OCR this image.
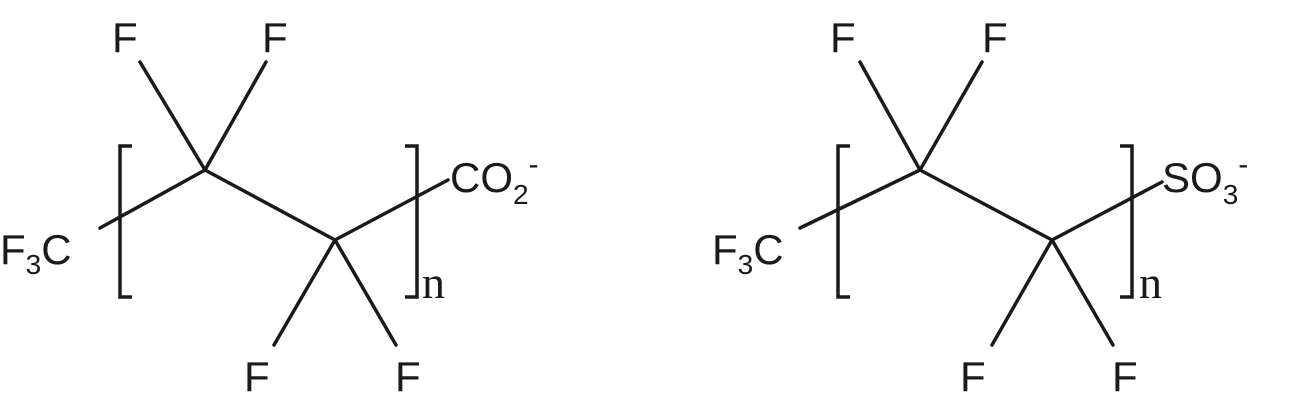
$F_3C$
F	F
F	F
n
$CO_2^-$
$F_3C$
F	F
F	F
n
$SO_3^-$
